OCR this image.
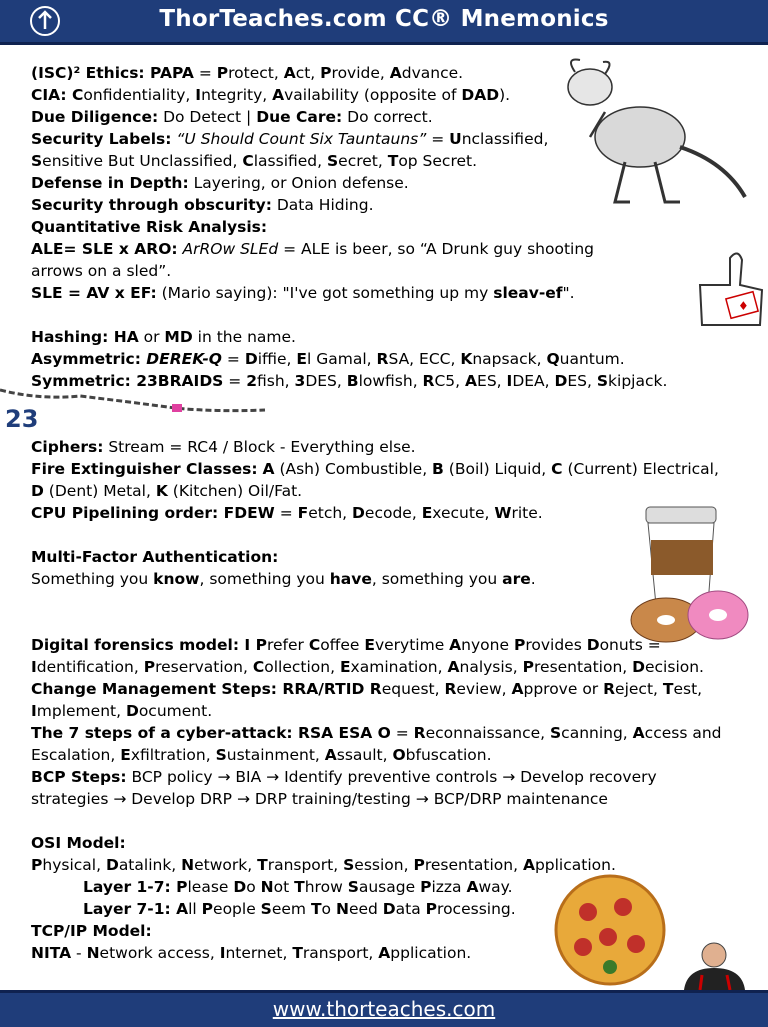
ThorTeaches.com CC® Mnemonics
♦
23
(ISC)² Ethics: PAPA = Protect, Act, Provide, Advance.
CIA: Confidentiality, Integrity, Availability (opposite of DAD).
Due Diligence: Do Detect | Due Care: Do correct.
Security Labels: “U Should Count Six Tauntauns” = Unclassified,
Sensitive But Unclassified, Classified, Secret, Top Secret.
Defense in Depth: Layering, or Onion defense.
Security through obscurity: Data Hiding.
Quantitative Risk Analysis:
ALE= SLE x ARO: ArROw SLEd = ALE is beer, so “A Drunk guy shooting
arrows on a sled”.
SLE = AV x EF: (Mario saying): "I've got something up my sleav-ef".
Hashing: HA or MD in the name.
Asymmetric: DEREK-Q = Diffie, El Gamal, RSA, ECC, Knapsack, Quantum.
Symmetric: 23BRAIDS = 2fish, 3DES, Blowfish, RC5, AES, IDEA, DES, Skipjack.
Ciphers: Stream = RC4 / Block - Everything else.
Fire Extinguisher Classes: A (Ash) Combustible, B (Boil) Liquid, C (Current) Electrical,
D (Dent) Metal, K (Kitchen) Oil/Fat.
CPU Pipelining order: FDEW = Fetch, Decode, Execute, Write.
Multi-Factor Authentication:
Something you know, something you have, something you are.
Digital forensics model: I Prefer Coffee Everytime Anyone Provides Donuts =
Identification, Preservation, Collection, Examination, Analysis, Presentation, Decision.
Change Management Steps: RRA/RTID Request, Review, Approve or Reject, Test,
Implement, Document.
The 7 steps of a cyber-attack: RSA ESA O = Reconnaissance, Scanning, Access and
Escalation, Exfiltration, Sustainment, Assault, Obfuscation.
BCP Steps: BCP policy → BIA → Identify preventive controls → Develop recovery
strategies → Develop DRP → DRP training/testing → BCP/DRP maintenance
OSI Model:
Physical, Datalink, Network, Transport, Session, Presentation, Application.
Layer 1-7: Please Do Not Throw Sausage Pizza Away.
Layer 7-1: All People Seem To Need Data Processing.
TCP/IP Model:
NITA - Network access, Internet, Transport, Application.
www.thorteaches.com
